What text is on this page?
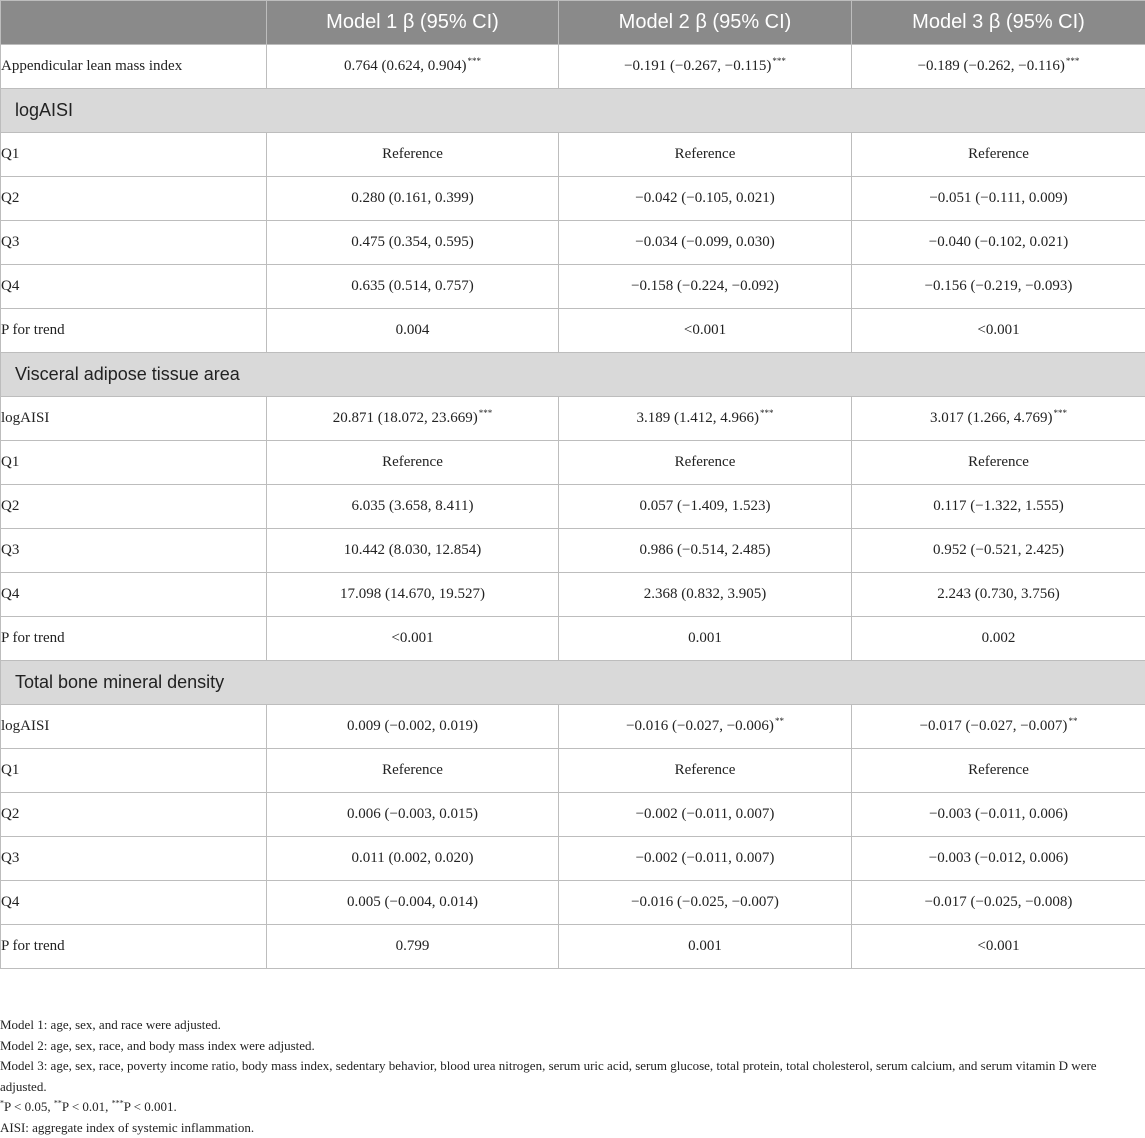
	Model 1 β (95% CI)	Model 2 β (95% CI)	Model 3 β (95% CI)
Appendicular lean mass index	0.764 (0.624, 0.904)***	−0.191 (−0.267, −0.115)***	−0.189 (−0.262, −0.116)***
logAISI			
Q1	Reference	Reference	Reference
Q2	0.280 (0.161, 0.399)	−0.042 (−0.105, 0.021)	−0.051 (−0.111, 0.009)
Q3	0.475 (0.354, 0.595)	−0.034 (−0.099, 0.030)	−0.040 (−0.102, 0.021)
Q4	0.635 (0.514, 0.757)	−0.158 (−0.224, −0.092)	−0.156 (−0.219, −0.093)
P for trend	0.004	<0.001	<0.001
Visceral adipose tissue area			
logAISI	20.871 (18.072, 23.669)***	3.189 (1.412, 4.966)***	3.017 (1.266, 4.769)***
Q1	Reference	Reference	Reference
Q2	6.035 (3.658, 8.411)	0.057 (−1.409, 1.523)	0.117 (−1.322, 1.555)
Q3	10.442 (8.030, 12.854)	0.986 (−0.514, 2.485)	0.952 (−0.521, 2.425)
Q4	17.098 (14.670, 19.527)	2.368 (0.832, 3.905)	2.243 (0.730, 3.756)
P for trend	<0.001	0.001	0.002
Total bone mineral density			
logAISI	0.009 (−0.002, 0.019)	−0.016 (−0.027, −0.006)**	−0.017 (−0.027, −0.007)**
Q1	Reference	Reference	Reference
Q2	0.006 (−0.003, 0.015)	−0.002 (−0.011, 0.007)	−0.003 (−0.011, 0.006)
Q3	0.011 (0.002, 0.020)	−0.002 (−0.011, 0.007)	−0.003 (−0.012, 0.006)
Q4	0.005 (−0.004, 0.014)	−0.016 (−0.025, −0.007)	−0.017 (−0.025, −0.008)
P for trend	0.799	0.001	<0.001
Model 1: age, sex, and race were adjusted.
Model 2: age, sex, race, and body mass index were adjusted.
Model 3: age, sex, race, poverty income ratio, body mass index, sedentary behavior, blood urea nitrogen, serum uric acid, serum glucose, total protein, total cholesterol, serum calcium, and serum vitamin D were adjusted.
*P < 0.05, **P < 0.01, ***P < 0.001.
AISI: aggregate index of systemic inflammation.
